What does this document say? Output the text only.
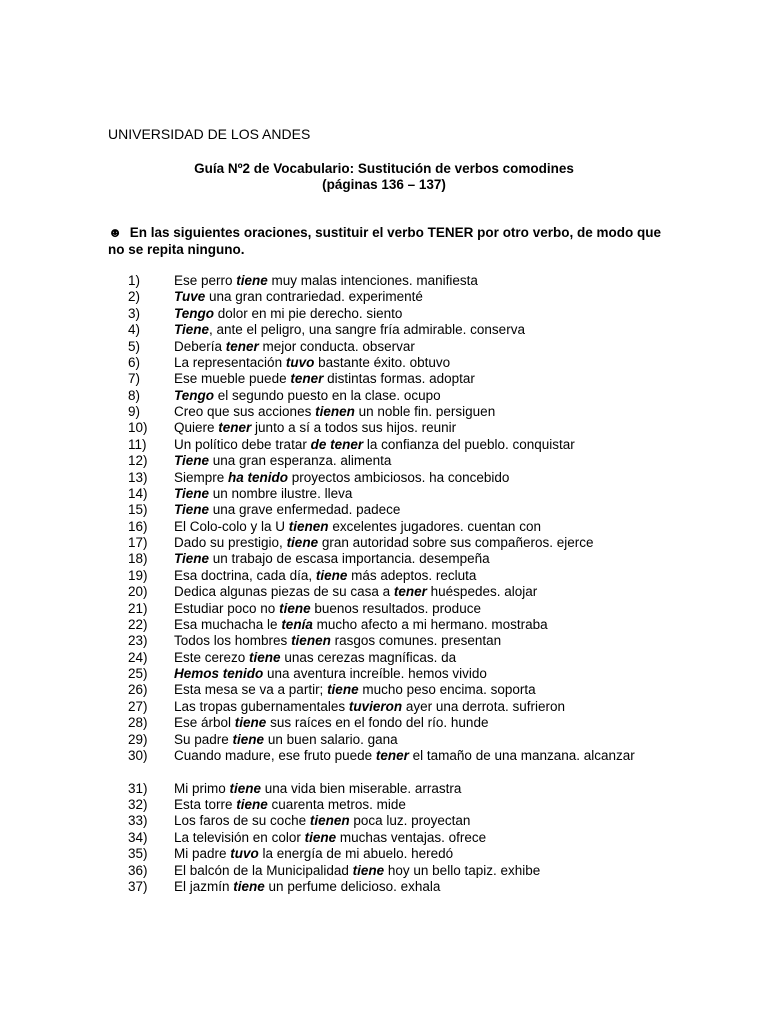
UNIVERSIDAD DE LOS ANDES
Guía Nº2 de Vocabulario: Sustitución de verbos comodines
(páginas 136 – 137)
☻ En las siguientes oraciones, sustituir el verbo TENER por otro verbo, de modo que no se repita ninguno.
1)	Ese perro tiene muy malas intenciones. manifiesta
2)	Tuve una gran contrariedad. experimenté
3)	Tengo dolor en mi pie derecho. siento
4)	Tiene, ante el peligro, una sangre fría admirable. conserva
5)	Debería tener mejor conducta. observar
6)	La representación tuvo bastante éxito. obtuvo
7)	Ese mueble puede tener distintas formas. adoptar
8)	Tengo el segundo puesto en la clase. ocupo
9)	Creo que sus acciones tienen un noble fin. persiguen
10)	Quiere tener junto a sí a todos sus hijos. reunir
11)	Un político debe tratar de tener la confianza del pueblo. conquistar
12)	Tiene una gran esperanza. alimenta
13)	Siempre ha tenido proyectos ambiciosos. ha concebido
14)	Tiene un nombre ilustre. lleva
15)	Tiene una grave enfermedad. padece
16)	El Colo-colo y la U tienen excelentes jugadores. cuentan con
17)	Dado su prestigio, tiene gran autoridad sobre sus compañeros. ejerce
18)	Tiene un trabajo de escasa importancia. desempeña
19)	Esa doctrina, cada día, tiene más adeptos. recluta
20)	Dedica algunas piezas de su casa a tener huéspedes. alojar
21)	Estudiar poco no tiene buenos resultados. produce
22)	Esa muchacha le tenía mucho afecto a mi hermano. mostraba
23)	Todos los hombres tienen rasgos comunes. presentan
24)	Este cerezo tiene unas cerezas magníficas. da
25)	Hemos tenido una aventura increíble. hemos vivido
26)	Esta mesa se va a partir; tiene mucho peso encima. soporta
27)	Las tropas gubernamentales tuvieron ayer una derrota. sufrieron
28)	Ese árbol tiene sus raíces en el fondo del río. hunde
29)	Su padre tiene un buen salario. gana
30)	Cuando madure, ese fruto puede tener el tamaño de una manzana. alcanzar
31)	Mi primo tiene una vida bien miserable. arrastra
32)	Esta torre tiene cuarenta metros. mide
33)	Los faros de su coche tienen poca luz. proyectan
34)	La televisión en color tiene muchas ventajas. ofrece
35)	Mi padre tuvo la energía de mi abuelo. heredó
36)	El balcón de la Municipalidad tiene hoy un bello tapiz. exhibe
37)	El jazmín tiene un perfume delicioso. exhala
